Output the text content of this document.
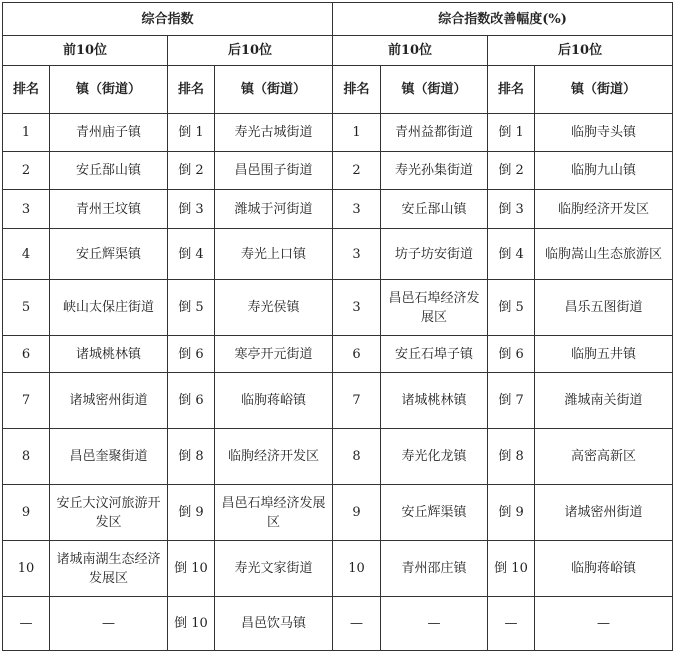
综合指数				综合指数改善幅度(%)			
前10位		后10位		前10位		后10位	
排名	镇（街道）	排名	镇（街道）	排名	镇（街道）	排名	镇（街道）
1	青州庙子镇	倒 1	寿光古城街道	1	青州益都街道	倒 1	临朐寺头镇
2	安丘郚山镇	倒 2	昌邑围子街道	2	寿光孙集街道	倒 2	临朐九山镇
3	青州王坟镇	倒 3	潍城于河街道	3	安丘郚山镇	倒 3	临朐经济开发区
4	安丘辉渠镇	倒 4	寿光上口镇	3	坊子坊安街道	倒 4	临朐嵩山生态旅游区
5	峡山太保庄街道	倒 5	寿光侯镇	3	昌邑石埠经济发展区	倒 5	昌乐五图街道
6	诸城桃林镇	倒 6	寒亭开元街道	6	安丘石埠子镇	倒 6	临朐五井镇
7	诸城密州街道	倒 6	临朐蒋峪镇	7	诸城桃林镇	倒 7	潍城南关街道
8	昌邑奎聚街道	倒 8	临朐经济开发区	8	寿光化龙镇	倒 8	高密高新区
9	安丘大汶河旅游开发区	倒 9	昌邑石埠经济发展区	9	安丘辉渠镇	倒 9	诸城密州街道
10	诸城南湖生态经济发展区	倒 10	寿光文家街道	10	青州邵庄镇	倒 10	临朐蒋峪镇
—	—	倒 10	昌邑饮马镇	—	—	—	—
